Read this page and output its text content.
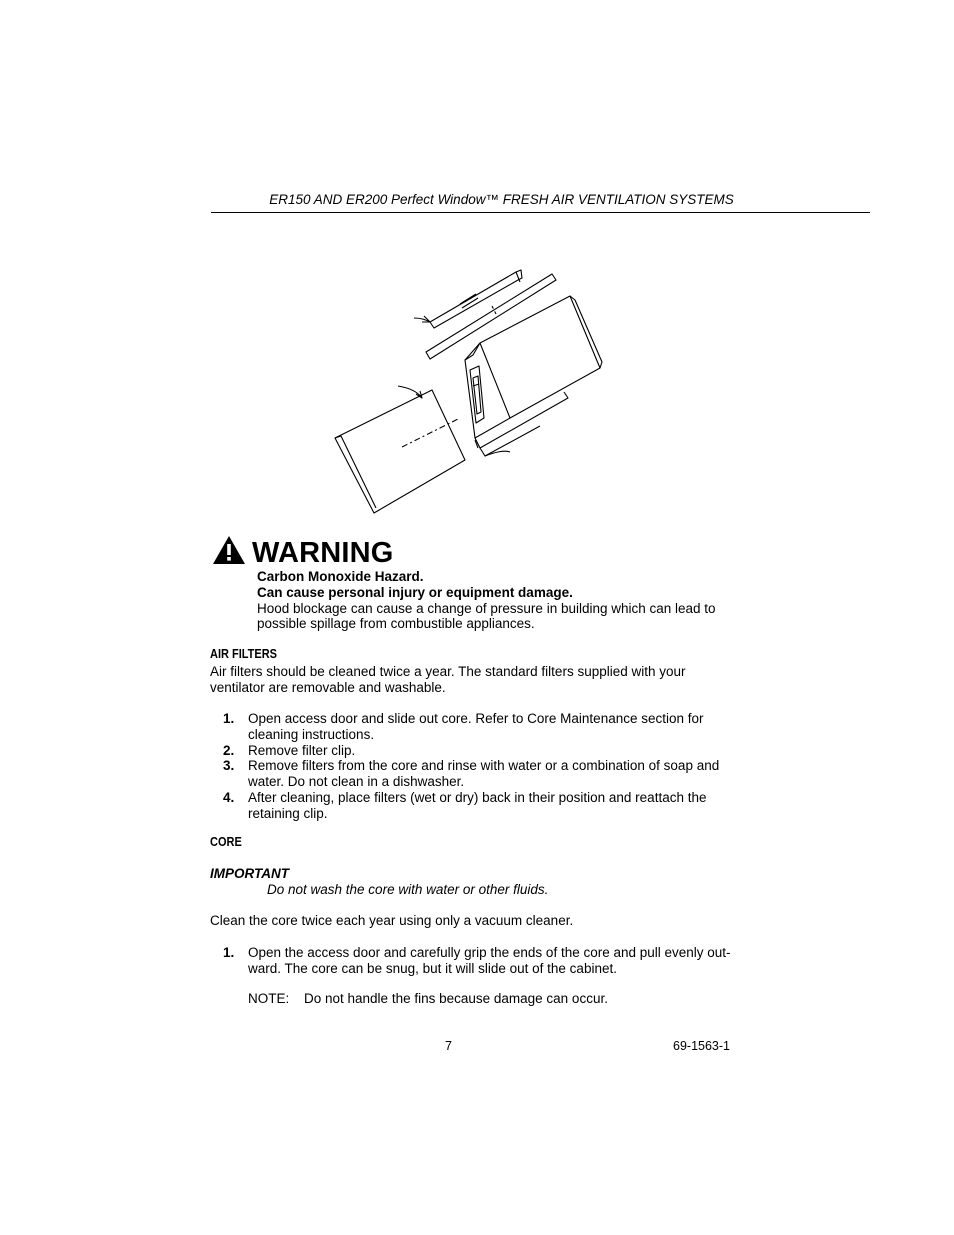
ER150 AND ER200 Perfect Window™ FRESH AIR VENTILATION SYSTEMS
WARNING
Carbon Monoxide Hazard.
Can cause personal injury or equipment damage.
Hood blockage can cause a change of pressure in building which can lead to
possible spillage from combustible appliances.
AIR FILTERS
Air filters should be cleaned twice a year. The standard filters supplied with your
ventilator are removable and washable.
1. Open access door and slide out core. Refer to Core Maintenance section for
cleaning instructions.
2. Remove filter clip.
3. Remove filters from the core and rinse with water or a combination of soap and
water. Do not clean in a dishwasher.
4. After cleaning, place filters (wet or dry) back in their position and reattach the
retaining clip.
CORE
IMPORTANT
Do not wash the core with water or other fluids.
Clean the core twice each year using only a vacuum cleaner.
1. Open the access door and carefully grip the ends of the core and pull evenly out-
ward. The core can be snug, but it will slide out of the cabinet.
NOTE: Do not handle the fins because damage can occur.
7	69-1563-1
